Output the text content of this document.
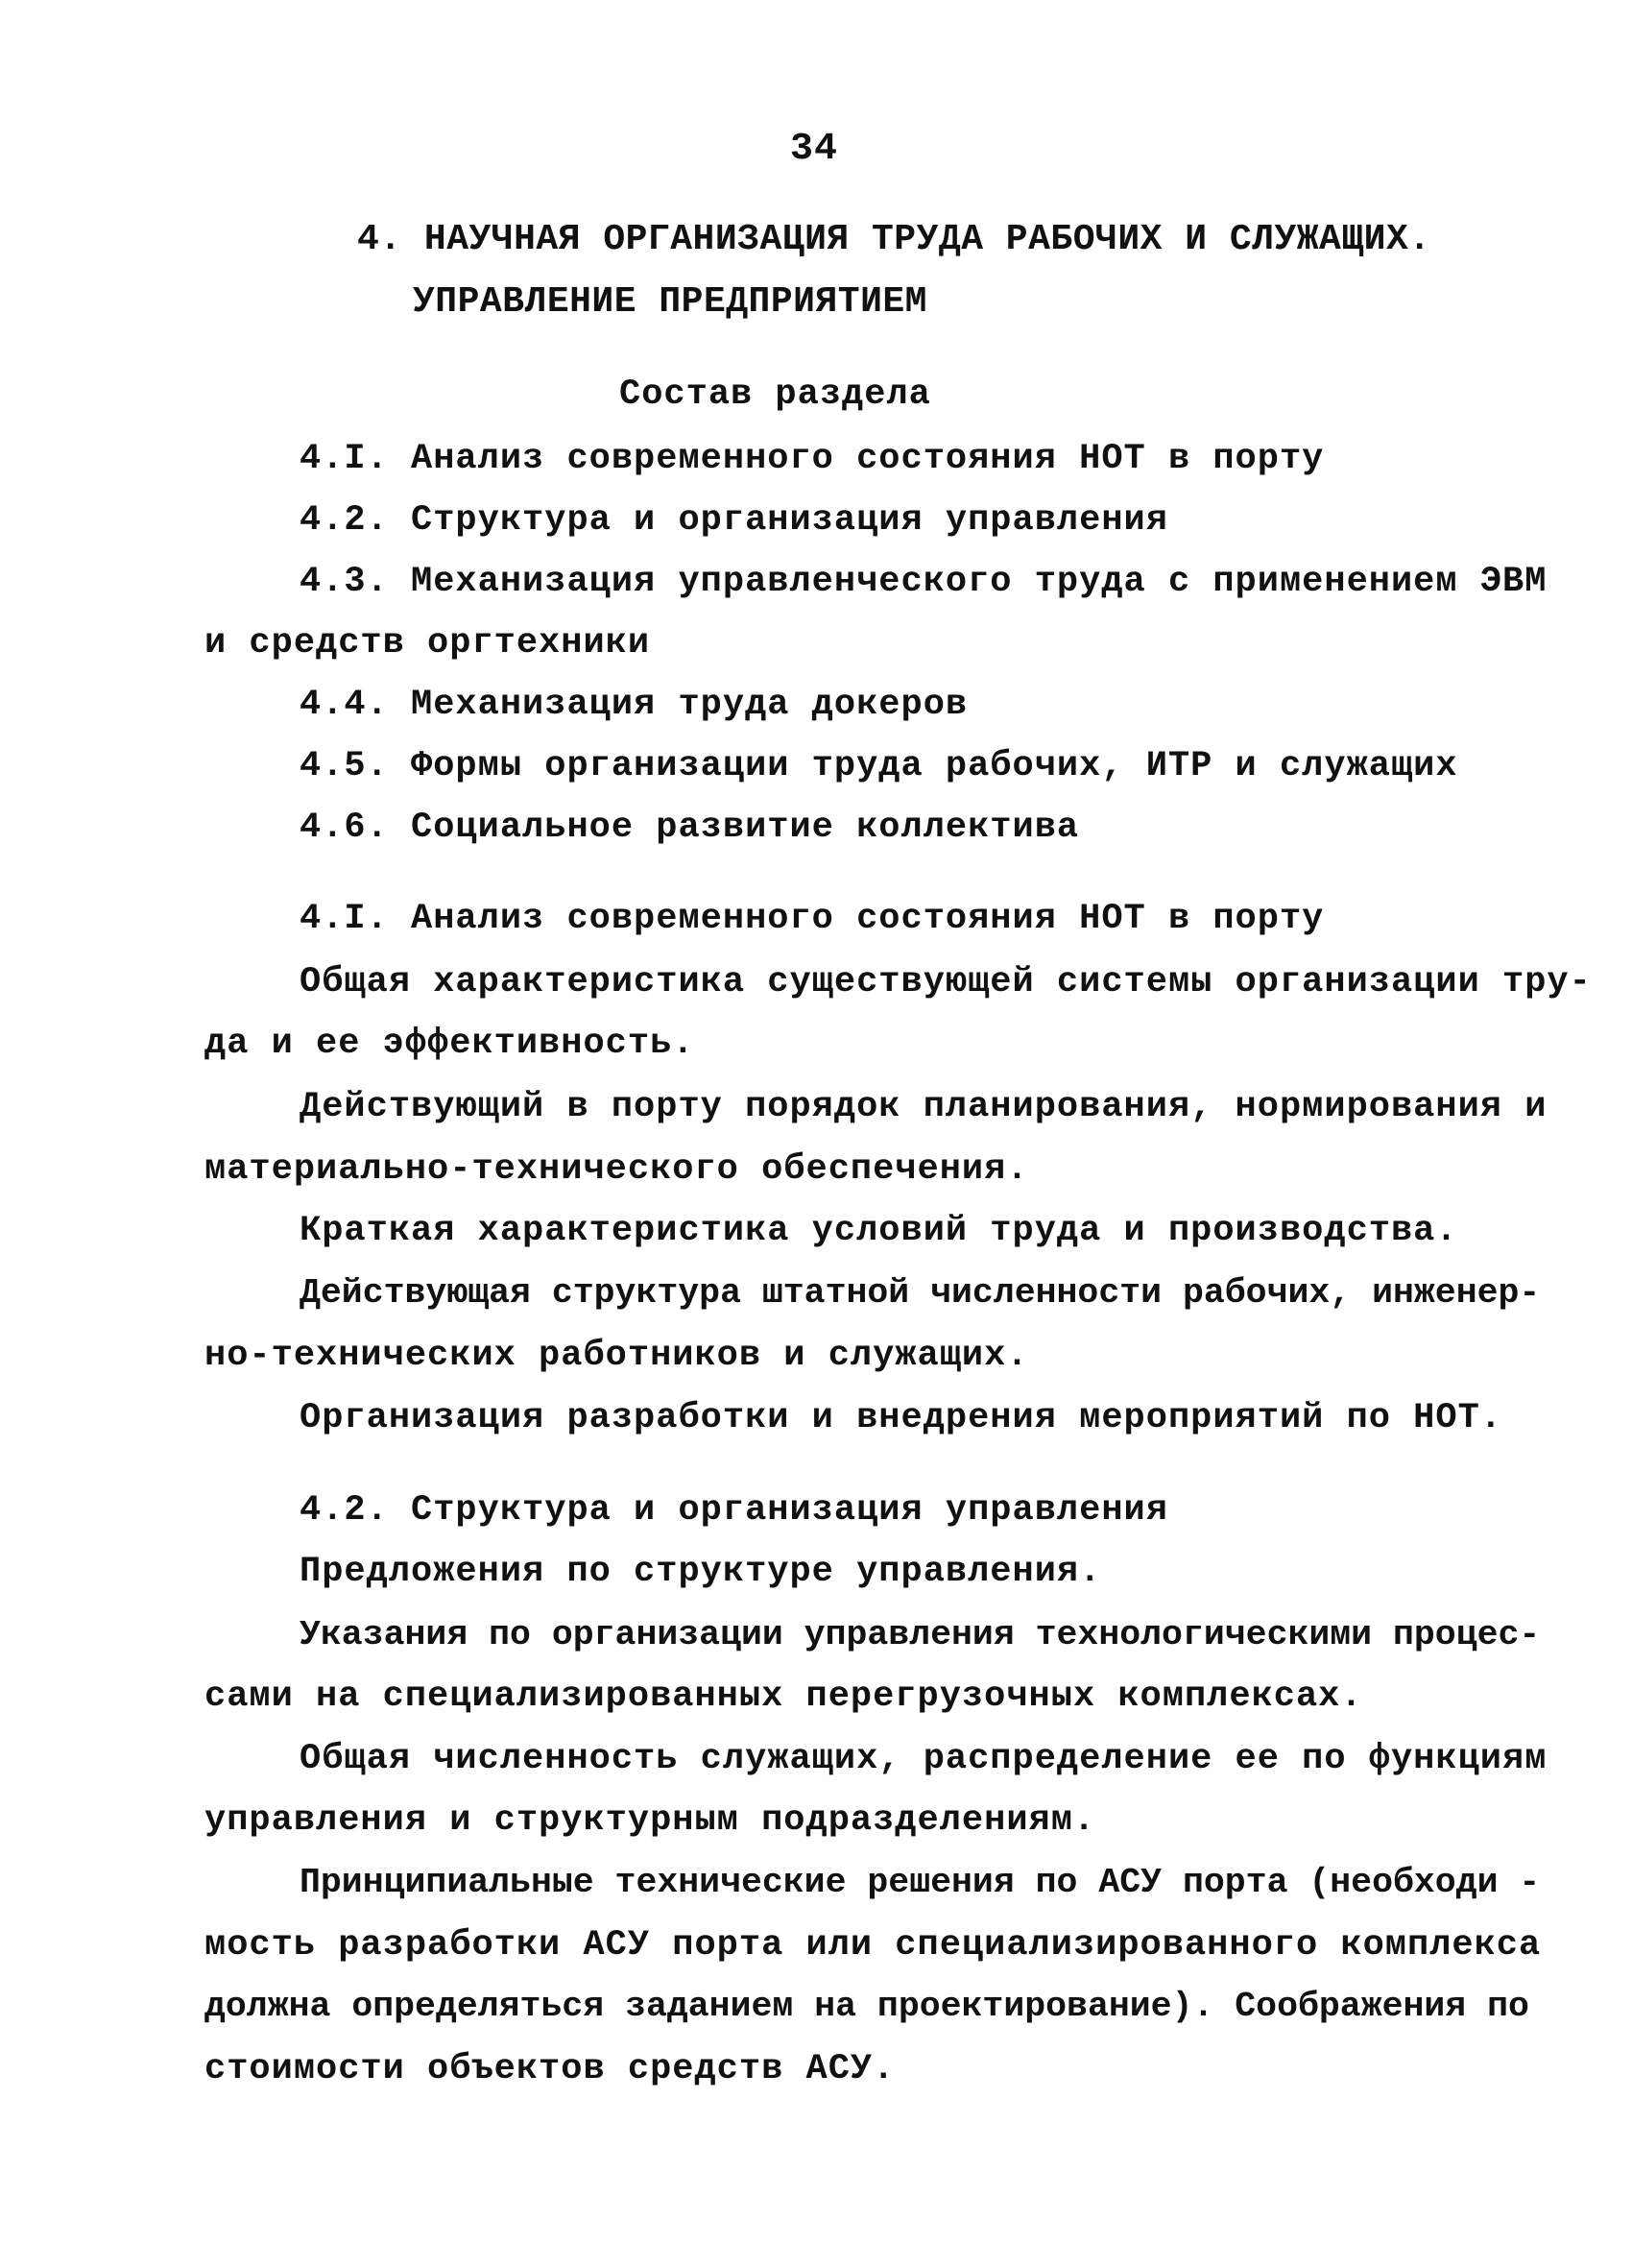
34
4. НАУЧНАЯ ОРГАНИЗАЦИЯ ТРУДА РАБОЧИХ И СЛУЖАЩИХ.
УПРАВЛЕНИЕ ПРЕДПРИЯТИЕМ
Состав раздела
4.I. Анализ современного состояния НОТ в порту
4.2. Структура и организация управления
4.3. Механизация управленческого труда с применением ЭВМ
и средств оргтехники
4.4. Механизация труда докеров
4.5. Формы организации труда рабочих, ИТР и служащих
4.6. Социальное развитие коллектива
4.I. Анализ современного состояния НОТ в порту
Общая характеристика существующей системы организации тру-
да и ее эффективность.
Действующий в порту порядок планирования, нормирования и
материально-технического обеспечения.
Краткая характеристика условий труда и производства.
Действующая структура штатной численности рабочих, инженер-
но-технических работников и служащих.
Организация разработки и внедрения мероприятий по НОТ.
4.2. Структура и организация управления
Предложения по структуре управления.
Указания по организации управления технологическими процес-
сами на специализированных перегрузочных комплексах.
Общая численность служащих, распределение ее по функциям
управления и структурным подразделениям.
Принципиальные технические решения по АСУ порта (необходи -
мость разработки АСУ порта или специализированного комплекса
должна определяться заданием на проектирование). Соображения по
стоимости объектов средств АСУ.
